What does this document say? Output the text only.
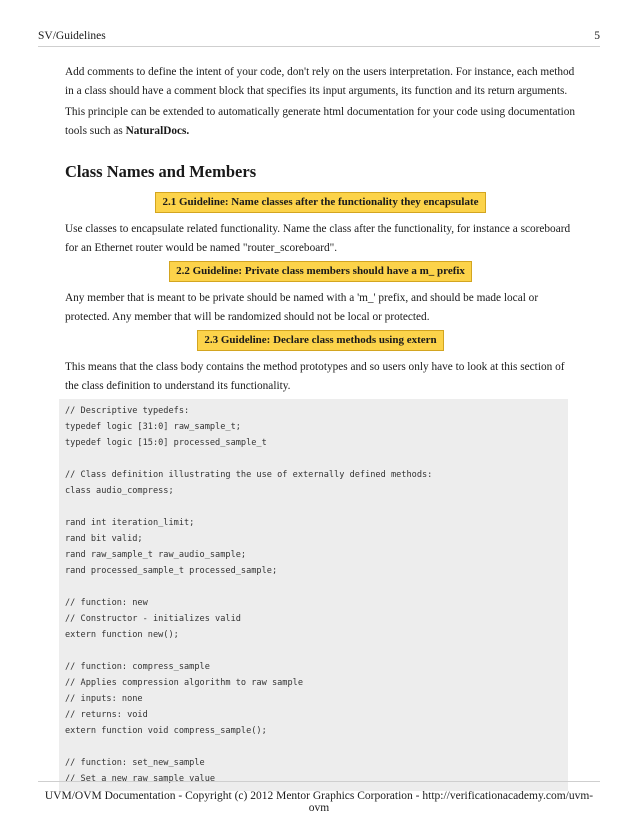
SV/Guidelines	5

Add comments to define the intent of your code, don't rely on the users interpretation. For instance, each method in a class should have a comment block that specifies its input arguments, its function and its return arguments.

This principle can be extended to automatically generate html documentation for your code using documentation tools such as NaturalDocs.

Class Names and Members
2.1 Guideline: Name classes after the functionality they encapsulate

Use classes to encapsulate related functionality. Name the class after the functionality, for instance a scoreboard for an Ethernet router would be named "router_scoreboard".

2.2 Guideline: Private class members should have a m_ prefix

Any member that is meant to be private should be named with a 'm_' prefix, and should be made local or protected. Any member that will be randomized should not be local or protected.

2.3 Guideline: Declare class methods using extern

This means that the class body contains the method prototypes and so users only have to look at this section of the class definition to understand its functionality.

// Descriptive typedefs:
typedef logic [31:0] raw_sample_t;
typedef logic [15:0] processed_sample_t

// Class definition illustrating the use of externally defined methods:
class audio_compress;

rand int iteration_limit;
rand bit valid;
rand raw_sample_t raw_audio_sample;
rand processed_sample_t processed_sample;

// function: new
// Constructor - initializes valid
extern function new();

// function: compress_sample
// Applies compression algorithm to raw sample
// inputs: none
// returns: void
extern function void compress_sample();

// function: set_new_sample
// Set a new raw sample value
UVM/OVM Documentation - Copyright (c) 2012 Mentor Graphics Corporation - http://verificationacademy.com/uvm-ovm
